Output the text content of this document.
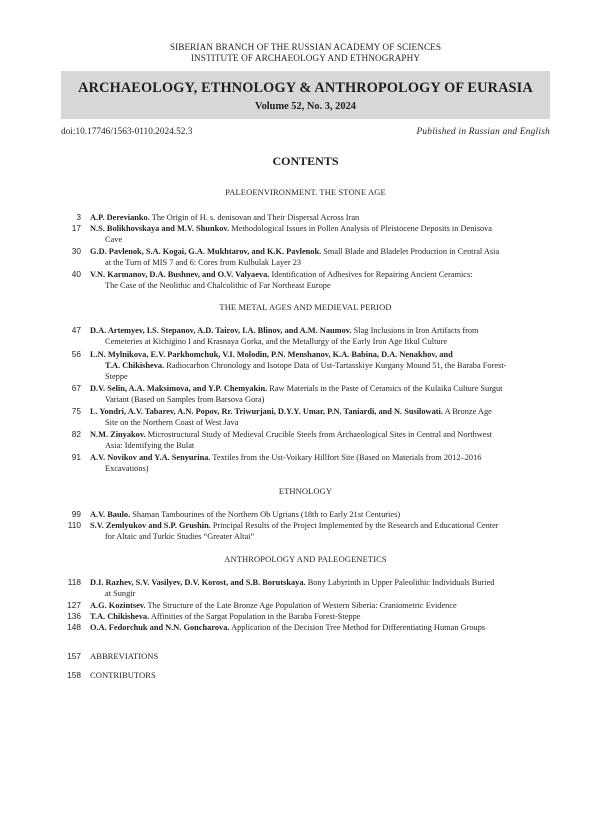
SIBERIAN BRANCH OF THE RUSSIAN ACADEMY OF SCIENCES
INSTITUTE OF ARCHAEOLOGY AND ETHNOGRAPHY
ARCHAEOLOGY, ETHNOLOGY & ANTHROPOLOGY OF EURASIA
Volume 52, No. 3, 2024
doi:10.17746/1563-0110.2024.52.3	Published in Russian and English
CONTENTS
PALEOENVIRONMENT. THE STONE AGE
3 A.P. Derevianko. The Origin of H. s. denisovan and Their Dispersal Across Iran
17 N.S. Bolikhovskaya and M.V. Shunkov. Methodological Issues in Pollen Analysis of Pleistocene Deposits in Denisova
Cave
30 G.D. Pavlenok, S.A. Kogai, G.A. Mukhtarov, and K.K. Pavlenok. Small Blade and Bladelet Production in Central Asia
at the Turn of MIS 7 and 6: Cores from Kulbulak Layer 23
40 V.N. Karmanov, D.A. Bushnev, and O.V. Valyaeva. Identification of Adhesives for Repairing Ancient Ceramics:
The Case of the Neolithic and Chalcolithic of Far Northeast Europe
THE METAL AGES AND MEDIEVAL PERIOD
47 D.A. Artemyev, I.S. Stepanov, A.D. Tairov, I.A. Blinov, and A.M. Naumov. Slag Inclusions in Iron Artifacts from
Cemeteries at Kichigino I and Krasnaya Gorka, and the Metallurgy of the Early Iron Age Itkul Culture
56 L.N. Mylnikova, E.V. Parkhomchuk, V.I. Molodin, P.N. Menshanov, K.A. Babina, D.A. Nenakhov, and
T.A. Chikisheva. Radiocarbon Chronology and Isotope Data of Ust-Tartasskiye Kurgany Mound 51, the Baraba Forest-
Steppe
67 D.V. Selin, A.A. Maksimova, and Y.P. Chemyakin. Raw Materials in the Paste of Ceramics of the Kulaika Culture Surgut
Variant (Based on Samples from Barsova Gora)
75 L. Yondri, A.V. Tabarev, A.N. Popov, Rr. Triwurjani, D.Y.Y. Umar, P.N. Taniardi, and N. Susilowati. A Bronze Age
Site on the Northern Coast of West Java
82 N.M. Zinyakov. Microstructural Study of Medieval Crucible Steels from Archaeological Sites in Central and Northwest
Asia: Identifying the Bulat
91 A.V. Novikov and Y.A. Senyurina. Textiles from the Ust-Voikary Hillfort Site (Based on Materials from 2012–2016
Excavations)
ETHNOLOGY
99 A.V. Baulo. Shaman Tambourines of the Northern Ob Ugrians (18th to Early 21st Centuries)
110 S.V. Zemlyukov and S.P. Grushin. Principal Results of the Project Implemented by the Research and Educational Center
for Altaic and Turkic Studies “Greater Altai”
ANTHROPOLOGY AND PALEOGENETICS
118 D.I. Razhev, S.V. Vasilyev, D.V. Korost, and S.B. Borutskaya. Bony Labyrinth in Upper Paleolithic Individuals Buried
at Sungir
127 A.G. Kozintsev. The Structure of the Late Bronze Age Population of Western Siberia: Craniometric Evidence
136 T.A. Chikisheva. Affinities of the Sargat Population in the Baraba Forest-Steppe
148 O.A. Fedorchuk and N.N. Goncharova. Application of the Decision Tree Method for Differentiating Human Groups
157 ABBREVIATIONS
158 CONTRIBUTORS
